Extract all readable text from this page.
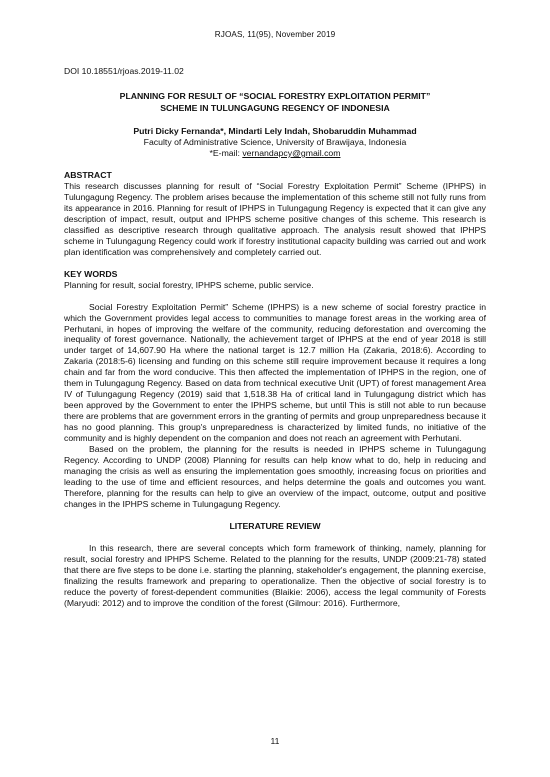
RJOAS, 11(95), November 2019
DOI 10.18551/rjoas.2019-11.02
PLANNING FOR RESULT OF “SOCIAL FORESTRY EXPLOITATION PERMIT”
SCHEME IN TULUNGAGUNG REGENCY OF INDONESIA

Putri Dicky Fernanda*, Mindarti Lely Indah, Shobaruddin Muhammad

Faculty of Administrative Science, University of Brawijaya, Indonesia

*E-mail: vernandapcy@gmail.com

ABSTRACT

This research discusses planning for result of “Social Forestry Exploitation Permit” Scheme (IPHPS) in Tulungagung Regency. The problem arises because the implementation of this scheme still not fully runs from its appearance in 2016. Planning for result of IPHPS in Tulungagung Regency is expected that it can give any description of impact, result, output and IPHPS scheme positive changes of this scheme. This research is classified as descriptive research through qualitative approach. The analysis result showed that IPHPS scheme in Tulungagung Regency could work if forestry institutional capacity building was carried out and work plan identification was comprehensively and completely carried out.

KEY WORDS

Planning for result, social forestry, IPHPS scheme, public service.

Social Forestry Exploitation Permit” Scheme (IPHPS) is a new scheme of social forestry practice in which the Government provides legal access to communities to manage forest areas in the working area of Perhutani, in hopes of improving the welfare of the community, reducing deforestation and overcoming the inequality of forest governance. Nationally, the achievement target of IPHPS at the end of year 2018 is still under target of 14,607.90 Ha where the national target is 12.7 million Ha (Zakaria, 2018:6). According to Zakaria (2018:5-6) licensing and funding on this scheme still require improvement because it requires a long chain and far from the word conducive. This then affected the implementation of IPHPS in the region, one of them in Tulungagung Regency. Based on data from technical executive Unit (UPT) of forest management Area IV of Tulungagung Regency (2019) said that 1,518.38 Ha of critical land in Tulungagung district which has been approved by the Government to enter the IPHPS scheme, but until This is still not able to run because there are problems that are government errors in the granting of permits and group unpreparedness because it has no good planning. This group's unpreparedness is characterized by limited funds, no initiative of the community and is highly dependent on the companion and does not reach an agreement with Perhutani.

Based on the problem, the planning for the results is needed in IPHPS scheme in Tulungagung Regency. According to UNDP (2008) Planning for results can help know what to do, help in reducing and managing the crisis as well as ensuring the implementation goes smoothly, increasing focus on priorities and leading to the use of time and efficient resources, and helps determine the goals and outcomes you want. Therefore, planning for the results can help to give an overview of the impact, outcome, output and positive changes in the IPHPS scheme in Tulungagung Regency.

LITERATURE REVIEW

In this research, there are several concepts which form framework of thinking, namely, planning for result, social forestry and IPHPS Scheme. Related to the planning for the results, UNDP (2009:21-78) stated that there are five steps to be done i.e. starting the planning, stakeholder's engagement, the planning exercise, finalizing the results framework and preparing to operationalize. Then the objective of social forestry is to reduce the poverty of forest-dependent communities (Blaikie: 2006), access the legal community of Forests (Maryudi: 2012) and to improve the condition of the forest (Gilmour: 2016). Furthermore,

11
